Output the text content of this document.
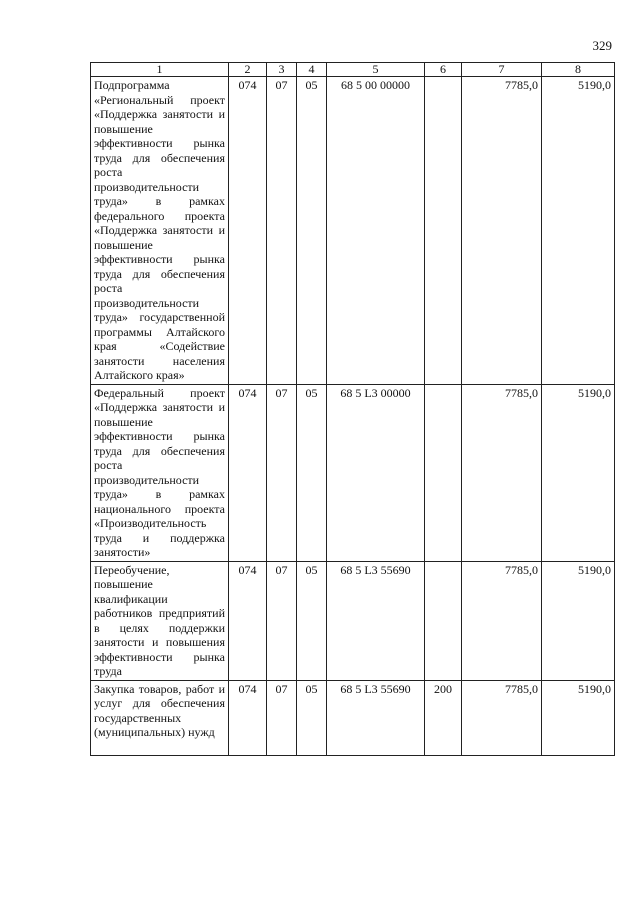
329
1	2	3	4	5	6	7	8
Подпрограмма «Региональный проект «Поддержка занятости и повышение эффективности рынка труда для обеспечения роста производительности труда» в рамках федерального проекта «Поддержка занятости и повышение эффективности рынка труда для обеспечения роста производительности труда» государственной программы Алтайского края «Содействие занятости населения Алтайского края»	074	07	05	68 5 00 00000		7785,0	5190,0
Федеральный проект «Поддержка занятости и повышение эффективности рынка труда для обеспечения роста производительности труда» в рамках национального проекта «Производительность труда и поддержка занятости»	074	07	05	68 5 L3 00000		7785,0	5190,0
Переобучение, повышение квалификации работников предприятий в целях поддержки занятости и повышения эффективности рынка труда	074	07	05	68 5 L3 55690		7785,0	5190,0
Закупка товаров, работ и услуг для обеспечения государственных (муниципальных) нужд	074	07	05	68 5 L3 55690	200	7785,0	5190,0
